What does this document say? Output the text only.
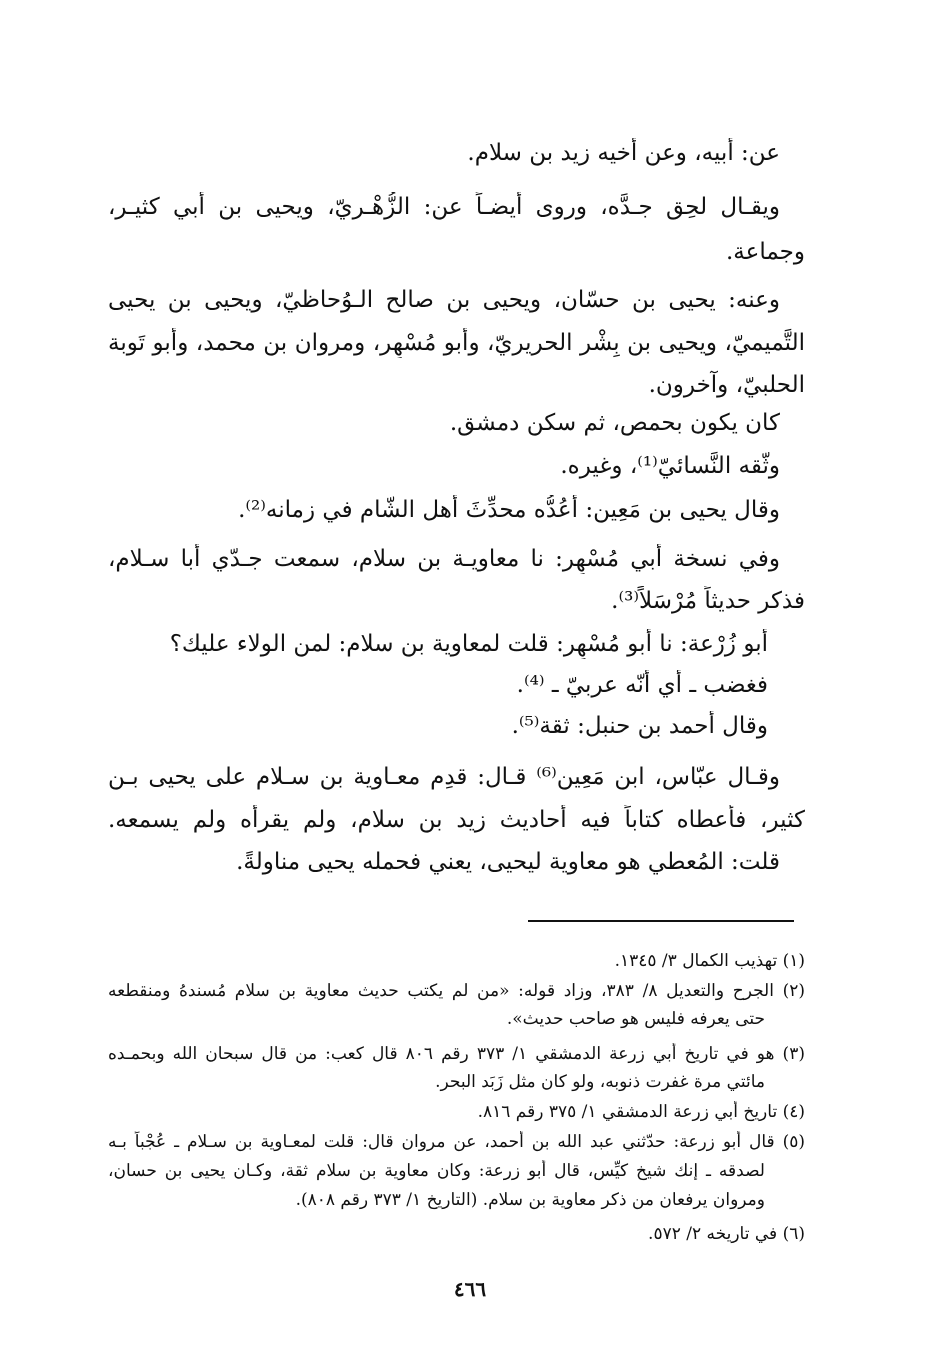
عن: أبيه، وعن أخيه زيد بن سلام.
ويقـال لحِق جـدَّه، وروى أيضـاً عن: الزُّهْـريّ، ويحيى بن أبي كثيـر،
وجماعة.
وعنه: يحيى بن حسّان، ويحيى بن صالح الـوُحاظيّ، ويحيى بن يحيى
التَّميميّ، ويحيى بن بِشْر الحريريّ، وأبو مُسْهِر، ومروان بن محمد، وأبو تَوبة
الحلبيّ، وآخرون.
كان يكون بحمص، ثم سكن دمشق.
وثّقه النَّسائيّ⁽¹⁾، وغيره.
وقال يحيى بن مَعِين: أَعُدُّه محدِّثَ أهل الشّام في زمانه⁽²⁾.
وفي نسخة أبي مُسْهِر: نا معاويـة بن سلام، سمعت جـدّي أبا سـلام،
فذكر حديثاً مُرْسَلاً⁽³⁾.
أبو زُرْعة: نا أبو مُسْهِر: قلت لمعاوية بن سلام: لمن الولاء عليك؟
فغضب ـ أي أنّه عربيّ ـ ⁽⁴⁾.
وقال أحمد بن حنبل: ثقة⁽⁵⁾.
وقـال عبّاس، ابن مَعِين⁽⁶⁾ قـال: قدِم معـاوية بن سـلام على يحيى بـن
كثير، فأعطاه كتاباً فيه أحاديث زيد بن سلام، ولم يقرأه ولم يسمعه.
قلت: المُعطي هو معاوية ليحيى، يعني فحمله يحيى مناولةً.
(١) تهذيب الكمال ٣/ ١٣٤٥.
(٢) الجرح والتعديل ٨/ ٣٨٣، وزاد قوله: «من لم يكتب حديث معاوية بن سلام مُسندهُ ومنقطعه
حتى يعرفه فليس هو صاحب حديث».
(٣) هو في تاريخ أبي زرعة الدمشقي ١/ ٣٧٣ رقم ٨٠٦ قال كعب: من قال سبحان الله وبحمـده
مائتي مرة غفرت ذنوبه، ولو كان مثل زَبَد البحر.
(٤) تاريخ أبي زرعة الدمشقي ١/ ٣٧٥ رقم ٨١٦.
(٥) قال أبو زرعة: حدّثني عبد الله بن أحمد، عن مروان قال: قلت لمعـاوية بن سـلام ـ عُجْباً بـه
لصدقه ـ إنك شيخ كيِّس، قال أبو زرعة: وكان معاوية بن سلام ثقة، وكـان يحيى بن حسان،
ومروان يرفعان من ذكر معاوية بن سلام. (التاريخ ١/ ٣٧٣ رقم ٨٠٨).
(٦) في تاريخه ٢/ ٥٧٢.
٤٦٦
